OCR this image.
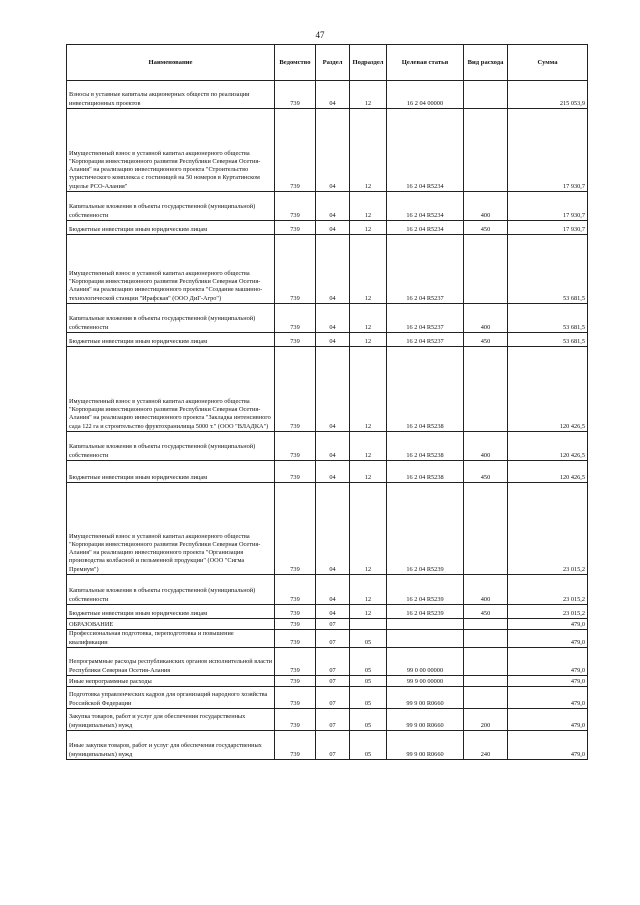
47
Наименование	Ведомство	Раздел	Подраздел	Целевая статья	Вид расхода	Сумма
Взносы в уставные капиталы акционерных обществ по реализации инвестиционных проектов	739	04	12	16 2 04 00000		215 053,9
Имущественный взнос в уставной капитал акционерного общества "Корпорация инвестиционного развития Республики Северная Осетия-Алания" на реализацию инвестиционного проекта "Строительство туристического комплекса с гостиницей на 50 номеров в Куртатинском ущелье РСО-Алания"	739	04	12	16 2 04 R5234		17 930,7
Капитальные вложения в объекты государственной (муниципальной) собственности	739	04	12	16 2 04 R5234	400	17 930,7
Бюджетные инвестиции иным юридическим лицам	739	04	12	16 2 04 R5234	450	17 930,7
Имущественный взнос в уставной капитал акционерного общества "Корпорация инвестиционного развития Республики Северная Осетия-Алания" на реализацию инвестиционного проекта "Создание машинно-технологической станции "Ирафская" (ООО ДиГ-Агро")	739	04	12	16 2 04 R5237		53 681,5
Капитальные вложения в объекты государственной (муниципальной) собственности	739	04	12	16 2 04 R5237	400	53 681,5
Бюджетные инвестиции иным юридическим лицам	739	04	12	16 2 04 R5237	450	53 681,5
Имущественный взнос в уставной капитал акционерного общества "Корпорация инвестиционного развития Республики Северная Осетия-Алания" на реализацию инвестиционного проекта "Закладка интенсивного сада 122 га и строительство фруктохранилища 5000 т." (ООО "ВЛАДКА")	739	04	12	16 2 04 R5238		120 426,5
Капитальные вложения в объекты государственной (муниципальной) собственности	739	04	12	16 2 04 R5238	400	120 426,5
Бюджетные инвестиции иным юридическим лицам	739	04	12	16 2 04 R5238	450	120 426,5
Имущественный взнос в уставной капитал акционерного общества "Корпорация инвестиционного развития Республики Северная Осетия-Алания" на реализацию инвестиционного проекта "Организация производства колбасной и пельменной продукции" (ООО "Сигма Премиум")	739	04	12	16 2 04 R5239		23 015,2
Капитальные вложения в объекты государственной (муниципальной) собственности	739	04	12	16 2 04 R5239	400	23 015,2
Бюджетные инвестиции иным юридическим лицам	739	04	12	16 2 04 R5239	450	23 015,2
ОБРАЗОВАНИЕ	739	07				479,0
Профессиональная подготовка, переподготовка и повышение квалификации	739	07	05			479,0
Непрограммные расходы республиканских органов исполнительной власти Республики Северная Осетия-Алания	739	07	05	99 0 00 00000		479,0
Иные непрограммные расходы	739	07	05	99 9 00 00000		479,0
Подготовка управленческих кадров для организаций народного хозяйства Российской Федерации	739	07	05	99 9 00 R0660		479,0
Закупка товаров, работ и услуг для обеспечения государственных (муниципальных) нужд	739	07	05	99 9 00 R0660	200	479,0
Иные закупки товаров, работ и услуг для обеспечения государственных (муниципальных) нужд	739	07	05	99 9 00 R0660	240	479,0
